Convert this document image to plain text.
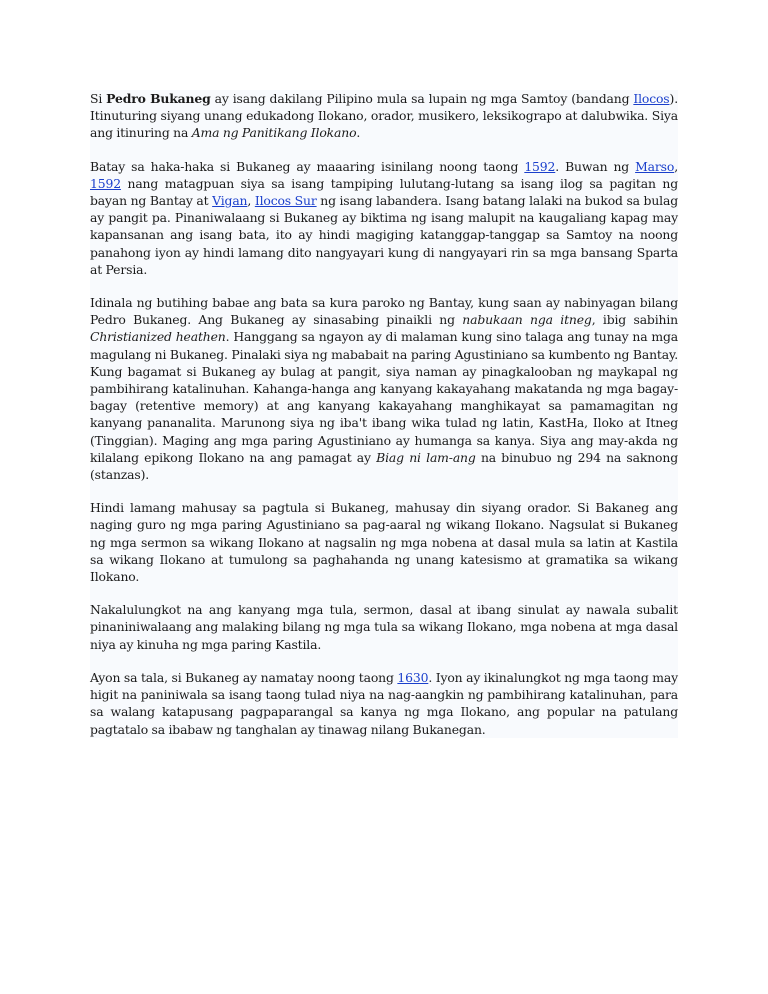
Si Pedro Bukaneg ay isang dakilang Pilipino mula sa lupain ng mga Samtoy (bandang Ilocos). Itinuturing siyang unang edukadong Ilokano, orador, musikero, leksikograpo at dalubwika. Siya ang itinuring na Ama ng Panitikang Ilokano.

Batay sa haka-haka si Bukaneg ay maaaring isinilang noong taong 1592. Buwan ng Marso, 1592 nang matagpuan siya sa isang tampiping lulutang-lutang sa isang ilog sa pagitan ng bayan ng Bantay at Vigan, Ilocos Sur ng isang labandera. Isang batang lalaki na bukod sa bulag ay pangit pa. Pinaniwalaang si Bukaneg ay biktima ng isang malupit na kaugaliang kapag may kapansanan ang isang bata, ito ay hindi magiging katanggap-tanggap sa Samtoy na noong panahong iyon ay hindi lamang dito nangyayari kung di nangyayari rin sa mga bansang Sparta at Persia.

Idinala ng butihing babae ang bata sa kura paroko ng Bantay, kung saan ay nabinyagan bilang Pedro Bukaneg. Ang Bukaneg ay sinasabing pinaikli ng nabukaan nga itneg, ibig sabihin Christianized heathen. Hanggang sa ngayon ay di malaman kung sino talaga ang tunay na mga magulang ni Bukaneg. Pinalaki siya ng mababait na paring Agustiniano sa kumbento ng Bantay. Kung bagamat si Bukaneg ay bulag at pangit, siya naman ay pinagkalooban ng maykapal ng pambihirang katalinuhan. Kahanga-hanga ang kanyang kakayahang makatanda ng mga bagay-bagay (retentive memory) at ang kanyang kakayahang manghikayat sa pamamagitan ng kanyang pananalita. Marunong siya ng iba't ibang wika tulad ng latin, KastHa, Iloko at Itneg (Tinggian). Maging ang mga paring Agustiniano ay humanga sa kanya. Siya ang may-akda ng kilalang epikong Ilokano na ang pamagat ay Biag ni lam-ang na binubuo ng 294 na saknong (stanzas).

Hindi lamang mahusay sa pagtula si Bukaneg, mahusay din siyang orador. Si Bakaneg ang naging guro ng mga paring Agustiniano sa pag-aaral ng wikang Ilokano. Nagsulat si Bukaneg ng mga sermon sa wikang Ilokano at nagsalin ng mga nobena at dasal mula sa latin at Kastila sa wikang Ilokano at tumulong sa paghahanda ng unang katesismo at gramatika sa wikang Ilokano.

Nakalulungkot na ang kanyang mga tula, sermon, dasal at ibang sinulat ay nawala subalit pinaniniwalaang ang malaking bilang ng mga tula sa wikang Ilokano, mga nobena at mga dasal niya ay kinuha ng mga paring Kastila.

Ayon sa tala, si Bukaneg ay namatay noong taong 1630. Iyon ay ikinalungkot ng mga taong may higit na paniniwala sa isang taong tulad niya na nag-aangkin ng pambihirang katalinuhan, para sa walang katapusang pagpaparangal sa kanya ng mga Ilokano, ang popular na patulang pagtatalo sa ibabaw ng tanghalan ay tinawag nilang Bukanegan.
